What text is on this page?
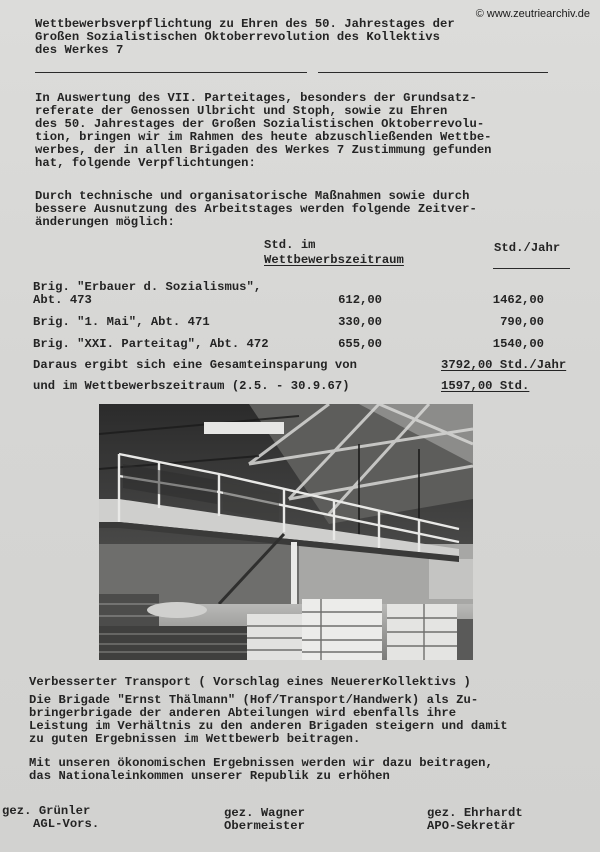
© www.zeutriearchiv.de
Wettbewerbsverpflichtung zu Ehren des 50. Jahrestages der
Großen Sozialistischen Oktoberrevolution des Kollektivs
des Werkes 7
In Auswertung des VII. Parteitages, besonders der Grundsatz-
referate der Genossen Ulbricht und Stoph, sowie zu Ehren
des 50. Jahrestages der Großen Sozialistischen Oktoberrevolu-
tion, bringen wir im Rahmen des heute abzuschließenden Wettbe-
werbes, der in allen Brigaden des Werkes 7 Zustimmung gefunden
hat, folgende Verpflichtungen:
Durch technische und organisatorische Maßnahmen sowie durch
bessere Ausnutzung des Arbeitstages werden folgende Zeitver-
änderungen möglich:
Std. im
Wettbewerbszeitraum
Std./Jahr
Brig. "Erbauer d. Sozialismus",
Abt. 473	612,00	1462,00
Brig. "1. Mai", Abt. 471	330,00	790,00
Brig. "XXI. Parteitag", Abt. 472	655,00	1540,00
Daraus ergibt sich eine Gesamteinsparung von	3792,00 Std./Jahr
und im Wettbewerbszeitraum (2.5. - 30.9.67)	1597,00 Std.
Verbesserter Transport ( Vorschlag eines NeuererKollektivs )
Die Brigade "Ernst Thälmann" (Hof/Transport/Handwerk) als Zu-
bringerbrigade der anderen Abteilungen wird ebenfalls ihre
Leistung im Verhältnis zu den anderen Brigaden steigern und damit
zu guten Ergebnissen im Wettbewerb beitragen.
Mit unseren ökonomischen Ergebnissen werden wir dazu beitragen,
das Nationaleinkommen unserer Republik zu erhöhen
gez. Grünler
AGL-Vors.
gez. Wagner
Obermeister
gez. Ehrhardt
APO-Sekretär
